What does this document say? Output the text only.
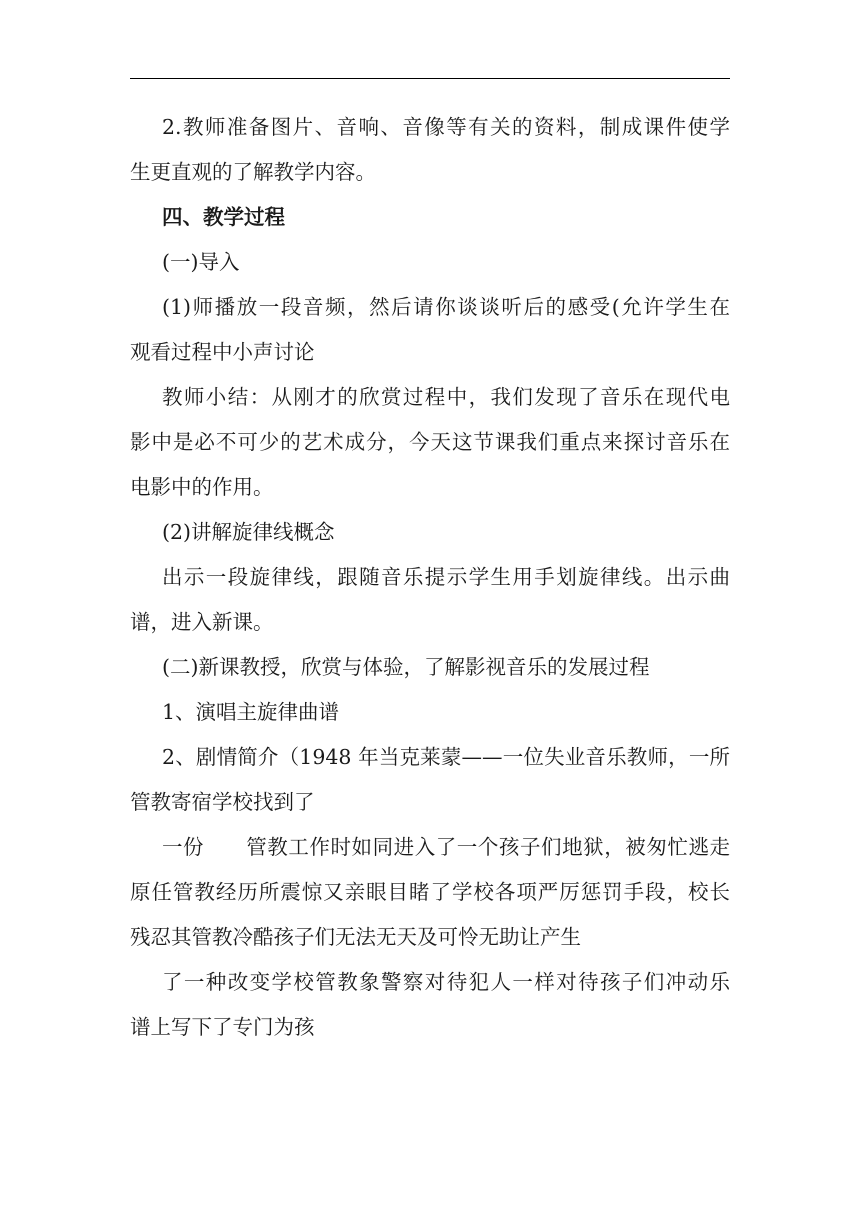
2.教师准备图片、音响、音像等有关的资料，制成课件使学
生更直观的了解教学内容。
四、教学过程
(一)导入
(1)师播放一段音频，然后请你谈谈听后的感受(允许学生在
观看过程中小声讨论
教师小结：从刚才的欣赏过程中，我们发现了音乐在现代电
影中是必不可少的艺术成分，今天这节课我们重点来探讨音乐在
电影中的作用。
(2)讲解旋律线概念
出示一段旋律线，跟随音乐提示学生用手划旋律线。出示曲
谱，进入新课。
(二)新课教授，欣赏与体验，了解影视音乐的发展过程
1、演唱主旋律曲谱
2、剧情简介（1948 年当克莱蒙——一位失业音乐教师，一所
管教寄宿学校找到了
一份　　管教工作时如同进入了一个孩子们地狱，被匆忙逃走
原任管教经历所震惊又亲眼目睹了学校各项严厉惩罚手段，校长
残忍其管教冷酷孩子们无法无天及可怜无助让产生
了一种改变学校管教象警察对待犯人一样对待孩子们冲动乐
谱上写下了专门为孩
